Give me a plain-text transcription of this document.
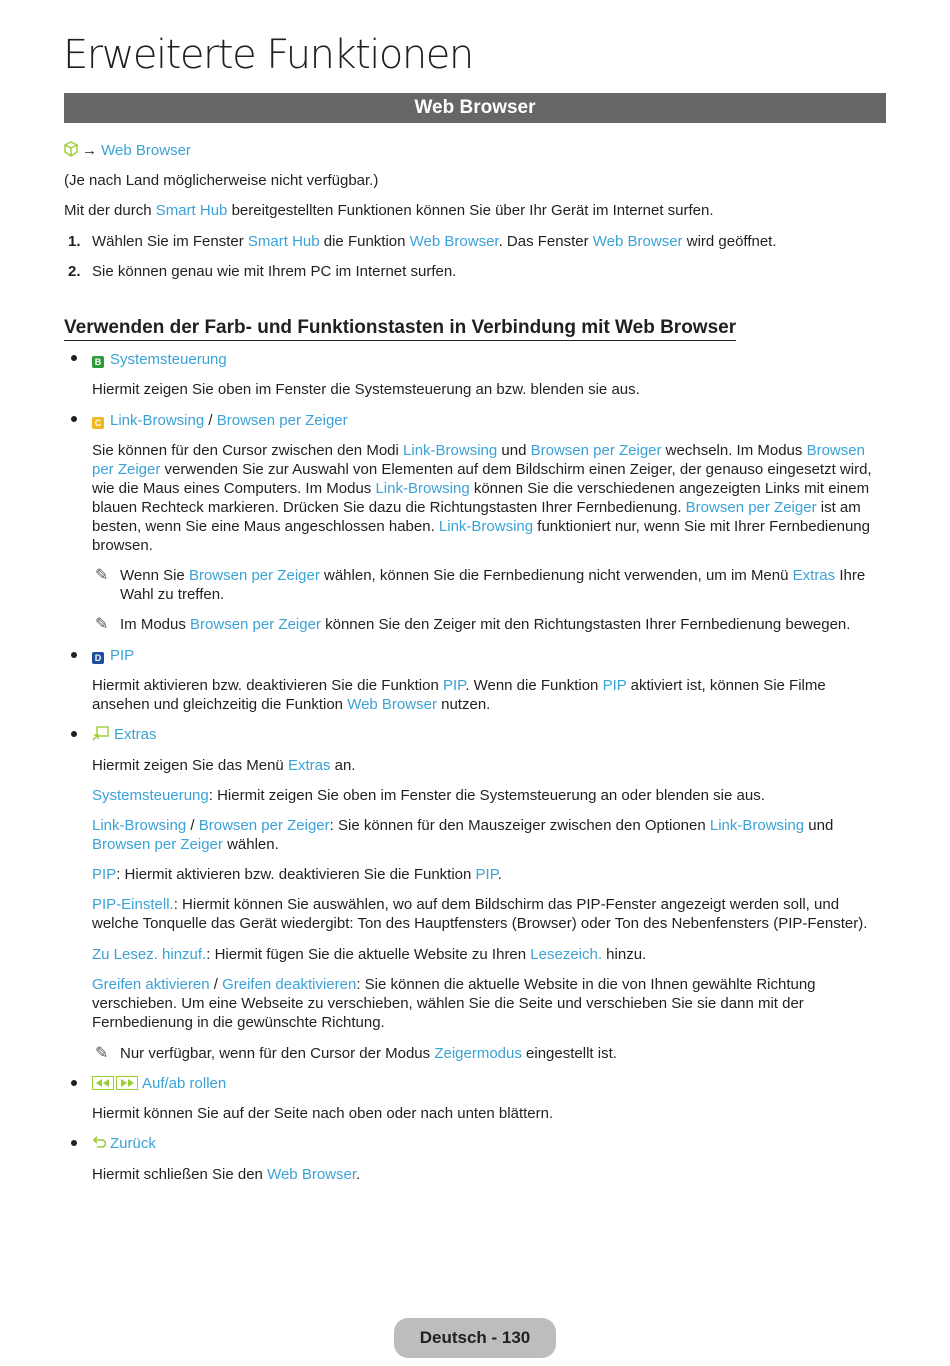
Erweiterte Funktionen
Web Browser

→ Web Browser

(Je nach Land möglicherweise nicht verfügbar.)

Mit der durch Smart Hub bereitgestellten Funktionen können Sie über Ihr Gerät im Internet surfen.

1. Wählen Sie im Fenster Smart Hub die Funktion Web Browser. Das Fenster Web Browser wird geöffnet.

2. Sie können genau wie mit Ihrem PC im Internet surfen.

Verwenden der Farb- und Funktionstasten in Verbindung mit Web Browser

B Systemsteuerung

Hiermit zeigen Sie oben im Fenster die Systemsteuerung an bzw. blenden sie aus.

C Link-Browsing / Browsen per Zeiger

Sie können für den Cursor zwischen den Modi Link-Browsing und Browsen per Zeiger wechseln. Im Modus Browsen per Zeiger verwenden Sie zur Auswahl von Elementen auf dem Bildschirm einen Zeiger, der genauso eingesetzt wird, wie die Maus eines Computers. Im Modus Link-Browsing können Sie die verschiedenen angezeigten Links mit einem blauen Rechteck markieren. Drücken Sie dazu die Richtungstasten Ihrer Fernbedienung. Browsen per Zeiger ist am besten, wenn Sie eine Maus angeschlossen haben. Link-Browsing funktioniert nur, wenn Sie mit Ihrer Fernbedienung browsen.

✎ Wenn Sie Browsen per Zeiger wählen, können Sie die Fernbedienung nicht verwenden, um im Menü Extras Ihre Wahl zu treffen.

✎ Im Modus Browsen per Zeiger können Sie den Zeiger mit den Richtungstasten Ihrer Fernbedienung bewegen.

D PIP

Hiermit aktivieren bzw. deaktivieren Sie die Funktion PIP. Wenn die Funktion PIP aktiviert ist, können Sie Filme ansehen und gleichzeitig die Funktion Web Browser nutzen.

Extras

Hiermit zeigen Sie das Menü Extras an.

Systemsteuerung: Hiermit zeigen Sie oben im Fenster die Systemsteuerung an oder blenden sie aus.

Link-Browsing / Browsen per Zeiger: Sie können für den Mauszeiger zwischen den Optionen Link-Browsing und Browsen per Zeiger wählen.

PIP: Hiermit aktivieren bzw. deaktivieren Sie die Funktion PIP.

PIP-Einstell.: Hiermit können Sie auswählen, wo auf dem Bildschirm das PIP-Fenster angezeigt werden soll, und welche Tonquelle das Gerät wiedergibt: Ton des Hauptfensters (Browser) oder Ton des Nebenfensters (PIP-Fenster).

Zu Lesez. hinzuf.: Hiermit fügen Sie die aktuelle Website zu Ihren Lesezeich. hinzu.

Greifen aktivieren / Greifen deaktivieren: Sie können die aktuelle Website in die von Ihnen gewählte Richtung verschieben. Um eine Webseite zu verschieben, wählen Sie die Seite und verschieben Sie sie dann mit der Fernbedienung in die gewünschte Richtung.

✎ Nur verfügbar, wenn für den Cursor der Modus Zeigermodus eingestellt ist.

Auf/ab rollen

Hiermit können Sie auf der Seite nach oben oder nach unten blättern.

Zurück

Hiermit schließen Sie den Web Browser.

Deutsch - 130
